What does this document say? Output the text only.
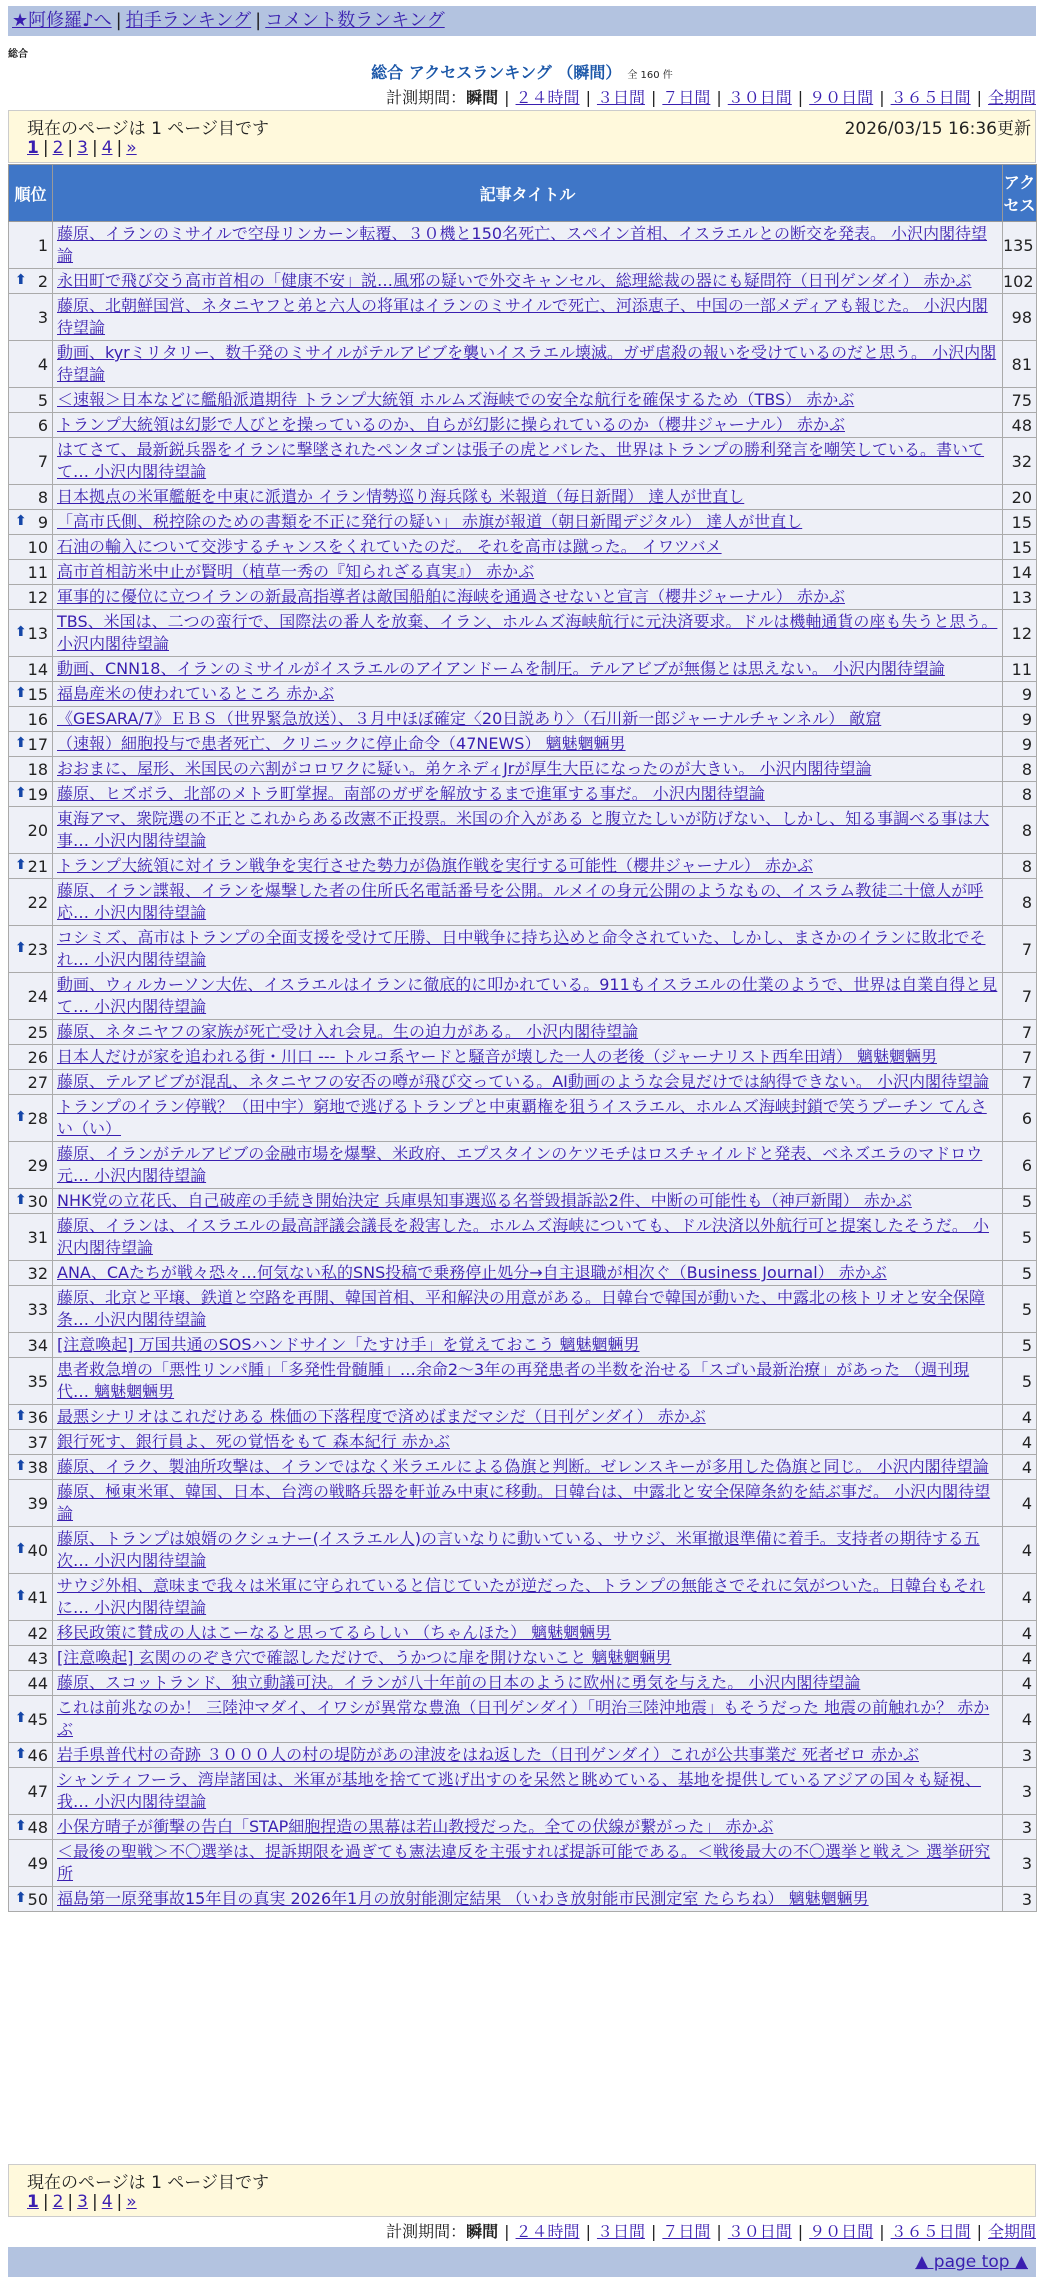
★阿修羅♪へ | 拍手ランキング | コメント数ランキング
総合
総合 アクセスランキング （瞬間） 全 160 件
計測期間：瞬間 | ２４時間 | ３日間 | ７日間 | ３０日間 | ９０日間 | ３６５日間 | 全期間
現在のページは 1 ページ目です	2026/03/15 16:36更新
1 | 2 | 3 | 4 | »
順位	記事タイトル	アクセス
1	藤原、イランのミサイルで空母リンカーン転覆、３０機と150名死亡、スペイン首相、イスラエルとの断交を発表。 小沢内閣待望論	135

⬆ 2	永田町で飛び交う高市首相の「健康不安」説…風邪の疑いで外交キャンセル、総理総裁の器にも疑問符（日刊ゲンダイ） 赤かぶ	102
3	藤原、北朝鮮国営、ネタニヤフと弟と六人の将軍はイランのミサイルで死亡、河添恵子、中国の一部メディアも報じた。 小沢内閣待望論	98
4	動画、kyrミリタリー、数千発のミサイルがテルアビブを襲いイスラエル壊滅。ガザ虐殺の報いを受けているのだと思う。 小沢内閣待望論	81
5	＜速報＞日本などに艦船派遣期待 トランプ大統領 ホルムズ海峡での安全な航行を確保するため（TBS） 赤かぶ	75
6	トランプ大統領は幻影で人びとを操っているのか、自らが幻影に操られているのか（櫻井ジャーナル） 赤かぶ	48
7	はてさて、最新鋭兵器をイランに撃墜されたペンタゴンは張子の虎とバレた、世界はトランプの勝利発言を嘲笑している。書いてて… 小沢内閣待望論	32
8	日本拠点の米軍艦艇を中東に派遣か イラン情勢巡り海兵隊も 米報道（毎日新聞） 達人が世直し	20

⬆ 9	「高市氏側、税控除のための書類を不正に発行の疑い」 赤旗が報道（朝日新聞デジタル） 達人が世直し	15
10	石油の輸入について交渉するチャンスをくれていたのだ。 それを高市は蹴った。 イワツバメ	15
11	高市首相訪米中止が賢明（植草一秀の『知られざる真実』） 赤かぶ	14
12	軍事的に優位に立つイランの新最高指導者は敵国船舶に海峡を通過させないと宣言（櫻井ジャーナル） 赤かぶ	13

⬆ 13	TBS、米国は、二つの蛮行で、国際法の番人を放棄、イラン、ホルムズ海峡航行に元決済要求。ドルは機軸通貨の座も失うと思う。 小沢内閣待望論	12
14	動画、CNN18、イランのミサイルがイスラエルのアイアンドームを制圧。テルアビブが無傷とは思えない。 小沢内閣待望論	11

⬆ 15	福島産米の使われているところ 赤かぶ	9
16	《GESARA/7》ＥＢＳ（世界緊急放送）、３月中ほぼ確定〈20日説あり〉（石川新一郎ジャーナルチャンネル） 敵窟	9

⬆ 17	（速報）細胞投与で患者死亡、クリニックに停止命令（47NEWS） 魑魅魍魎男	9
18	おおまに、屋形、米国民の六割がコロワクに疑い。弟ケネディJrが厚生大臣になったのが大きい。 小沢内閣待望論	8

⬆ 19	藤原、ヒズボラ、北部のメトラ町掌握。南部のガザを解放するまで進軍する事だ。 小沢内閣待望論	8
20	東海アマ、衆院選の不正とこれからある改憲不正投票。米国の介入がある と腹立たしいが防げない、しかし、知る事調べる事は大事… 小沢内閣待望論	8

⬆ 21	トランプ大統領に対イラン戦争を実行させた勢力が偽旗作戦を実行する可能性（櫻井ジャーナル） 赤かぶ	8
22	藤原、イラン諜報、イランを爆撃した者の住所氏名電話番号を公開。ルメイの身元公開のようなもの、イスラム教徒二十億人が呼応… 小沢内閣待望論	8

⬆ 23	コシミズ、高市はトランプの全面支援を受けて圧勝、日中戦争に持ち込めと命令されていた、しかし、まさかのイランに敗北でそれ… 小沢内閣待望論	7
24	動画、ウィルカーソン大佐、イスラエルはイランに徹底的に叩かれている。911もイスラエルの仕業のようで、世界は自業自得と見て… 小沢内閣待望論	7
25	藤原、ネタニヤフの家族が死亡受け入れ会見。生の迫力がある。 小沢内閣待望論	7
26	日本人だけが家を追われる街・川口 --- トルコ系ヤードと騒音が壊した一人の老後（ジャーナリスト西牟田靖） 魑魅魍魎男	7
27	藤原、テルアビブが混乱、ネタニヤフの安否の噂が飛び交っている。AI動画のような会見だけでは納得できない。 小沢内閣待望論	7

⬆ 28	トランプのイラン停戦？（田中宇）窮地で逃げるトランプと中東覇権を狙うイスラエル、ホルムズ海峡封鎖で笑うプーチン てんさい（い）	6
29	藤原、イランがテルアビブの金融市場を爆撃、米政府、エプスタインのケツモチはロスチャイルドと発表、ベネズエラのマドロウ元… 小沢内閣待望論	6

⬆ 30	NHK党の立花氏、自己破産の手続き開始決定 兵庫県知事選巡る名誉毀損訴訟2件、中断の可能性も（神戸新聞） 赤かぶ	5
31	藤原、イランは、イスラエルの最高評議会議長を殺害した。ホルムズ海峡についても、ドル決済以外航行可と提案したそうだ。 小沢内閣待望論	5
32	ANA、CAたちが戦々恐々…何気ない私的SNS投稿で乗務停止処分→自主退職が相次ぐ（Business Journal） 赤かぶ	5
33	藤原、北京と平壌、鉄道と空路を再開、韓国首相、平和解決の用意がある。日韓台で韓国が動いた、中露北の核トリオと安全保障条… 小沢内閣待望論	5
34	[注意喚起] 万国共通のSOSハンドサイン「たすけ手」を覚えておこう 魑魅魍魎男	5
35	患者救急増の「悪性リンパ腫」「多発性骨髄腫」…余命2～3年の再発患者の半数を治せる「スゴい最新治療」があった （週刊現代… 魑魅魍魎男	5

⬆ 36	最悪シナリオはこれだけある 株価の下落程度で済めばまだマシだ（日刊ゲンダイ） 赤かぶ	4
37	銀行死す、銀行員よ、死の覚悟をもて 森本紀行 赤かぶ	4

⬆ 38	藤原、イラク、製油所攻撃は、イランではなく米ラエルによる偽旗と判断。ゼレンスキーが多用した偽旗と同じ。 小沢内閣待望論	4
39	藤原、極東米軍、韓国、日本、台湾の戦略兵器を軒並み中東に移動。日韓台は、中露北と安全保障条約を結ぶ事だ。 小沢内閣待望論	4

⬆ 40	藤原、トランプは娘婿のクシュナー(イスラエル人)の言いなりに動いている、サウジ、米軍撤退準備に着手。支持者の期待する五次… 小沢内閣待望論	4

⬆ 41	サウジ外相、意味まで我々は米軍に守られていると信じていたが逆だった、トランプの無能さでそれに気がついた。日韓台もそれに… 小沢内閣待望論	4
42	移民政策に賛成の人はこーなると思ってるらしい （ちゃんほた） 魑魅魍魎男	4
43	[注意喚起] 玄関ののぞき穴で確認しただけで、うかつに扉を開けないこと 魑魅魍魎男	4
44	藤原、スコットランド、独立動議可決。イランが八十年前の日本のように欧州に勇気を与えた。 小沢内閣待望論	4

⬆ 45	これは前兆なのか！ 三陸沖マダイ、イワシが異常な豊漁（日刊ゲンダイ）「明治三陸沖地震」もそうだった 地震の前触れか？ 赤かぶ	4

⬆ 46	岩手県普代村の奇跡 ３０００人の村の堤防があの津波をはね返した（日刊ゲンダイ）これが公共事業だ 死者ゼロ 赤かぶ	3
47	シャンティフーラ、湾岸諸国は、米軍が基地を捨てて逃げ出すのを呆然と眺めている、基地を提供しているアジアの国々も疑視、我… 小沢内閣待望論	3

⬆ 48	小保方晴子が衝撃の告白「STAP細胞捏造の黒幕は若山教授だった。全ての伏線が繋がった」 赤かぶ	3
49	＜最後の聖戦＞不〇選挙は、提訴期限を過ぎても憲法違反を主張すれば提訴可能である。＜戦後最大の不〇選挙と戦え＞ 選挙研究所	3

⬆ 50	福島第一原発事故15年目の真実 2026年1月の放射能測定結果 （いわき放射能市民測定室 たらちね） 魑魅魍魎男	3
現在のページは 1 ページ目です
1 | 2 | 3 | 4 | »
計測期間：瞬間 | ２４時間 | ３日間 | ７日間 | ３０日間 | ９０日間 | ３６５日間 | 全期間
▲ page top ▲
